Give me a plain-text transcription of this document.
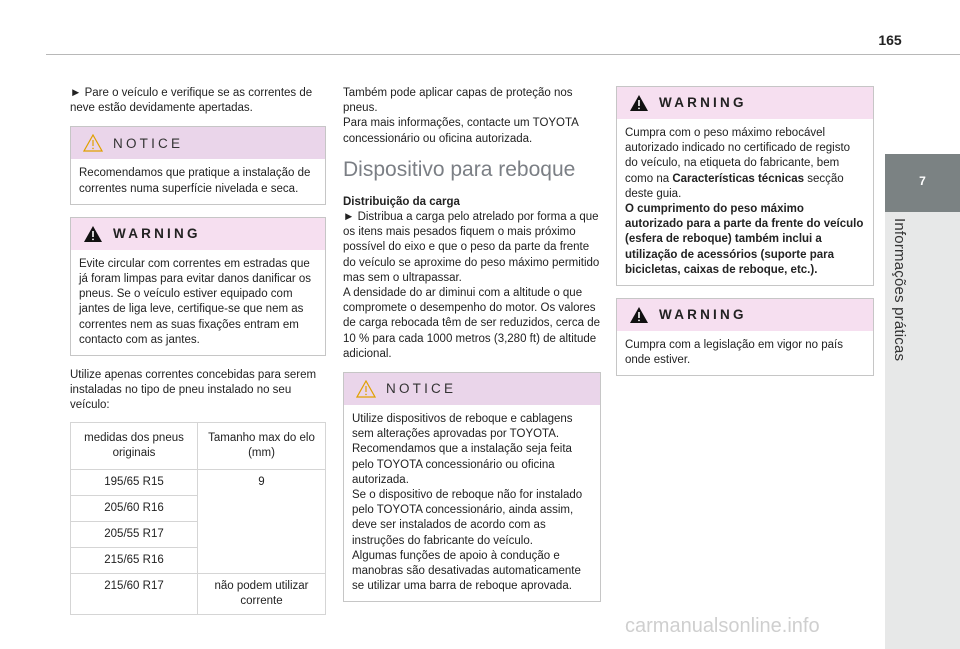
165
7
Informações práticas

► Pare o veículo e verifique se as correntes de neve estão devidamente apertadas.

NOTICE
Recomendamos que pratique a instalação de correntes numa superfície nivelada e seca.
WARNING
Evite circular com correntes em estradas que já foram limpas para evitar danos danificar os pneus. Se o veículo estiver equipado com jantes de liga leve, certifique-se que nem as correntes nem as suas fixações entram em contacto com as jantes.

Utilize apenas correntes concebidas para serem instaladas no tipo de pneu instalado no seu veículo:

medidas dos pneus originais
Tamanho max do elo (mm)
195/65 R15
205/60 R16
205/55 R17
215/65 R16
9
215/60 R17	não podem utilizar corrente

Também pode aplicar capas de proteção nos pneus.
Para mais informações, contacte um TOYOTA concessionário ou oficina autorizada.

Dispositivo para reboque

Distribuição da carga

► Distribua a carga pelo atrelado por forma a que os itens mais pesados fiquem o mais próximo possível do eixo e que o peso da parte da frente do veículo se aproxime do peso máximo permitido mas sem o ultrapassar.
A densidade do ar diminui com a altitude o que compromete o desempenho do motor. Os valores de carga rebocada têm de ser reduzidos, cerca de 10 % para cada 1000 metros (3,280 ft) de altitude adicional.

NOTICE
Utilize dispositivos de reboque e cablagens sem alterações aprovadas por TOYOTA.
Recomendamos que a instalação seja feita pelo TOYOTA concessionário ou oficina autorizada.
Se o dispositivo de reboque não for instalado pelo TOYOTA concessionário, ainda assim, deve ser instalados de acordo com as instruções do fabricante do veículo.
Algumas funções de apoio à condução e manobras são desativadas automaticamente se utilizar uma barra de reboque aprovada.
WARNING
Cumpra com o peso máximo rebocável autorizado indicado no certificado de registo do veículo, na etiqueta do fabricante, bem como na Características técnicas secção deste guia.
O cumprimento do peso máximo autorizado para a parte da frente do veículo (esfera de reboque) também inclui a utilização de acessórios (suporte para bicicletas, caixas de reboque, etc.).
WARNING
Cumpra com a legislação em vigor no país onde estiver.
carmanualsonline.info
